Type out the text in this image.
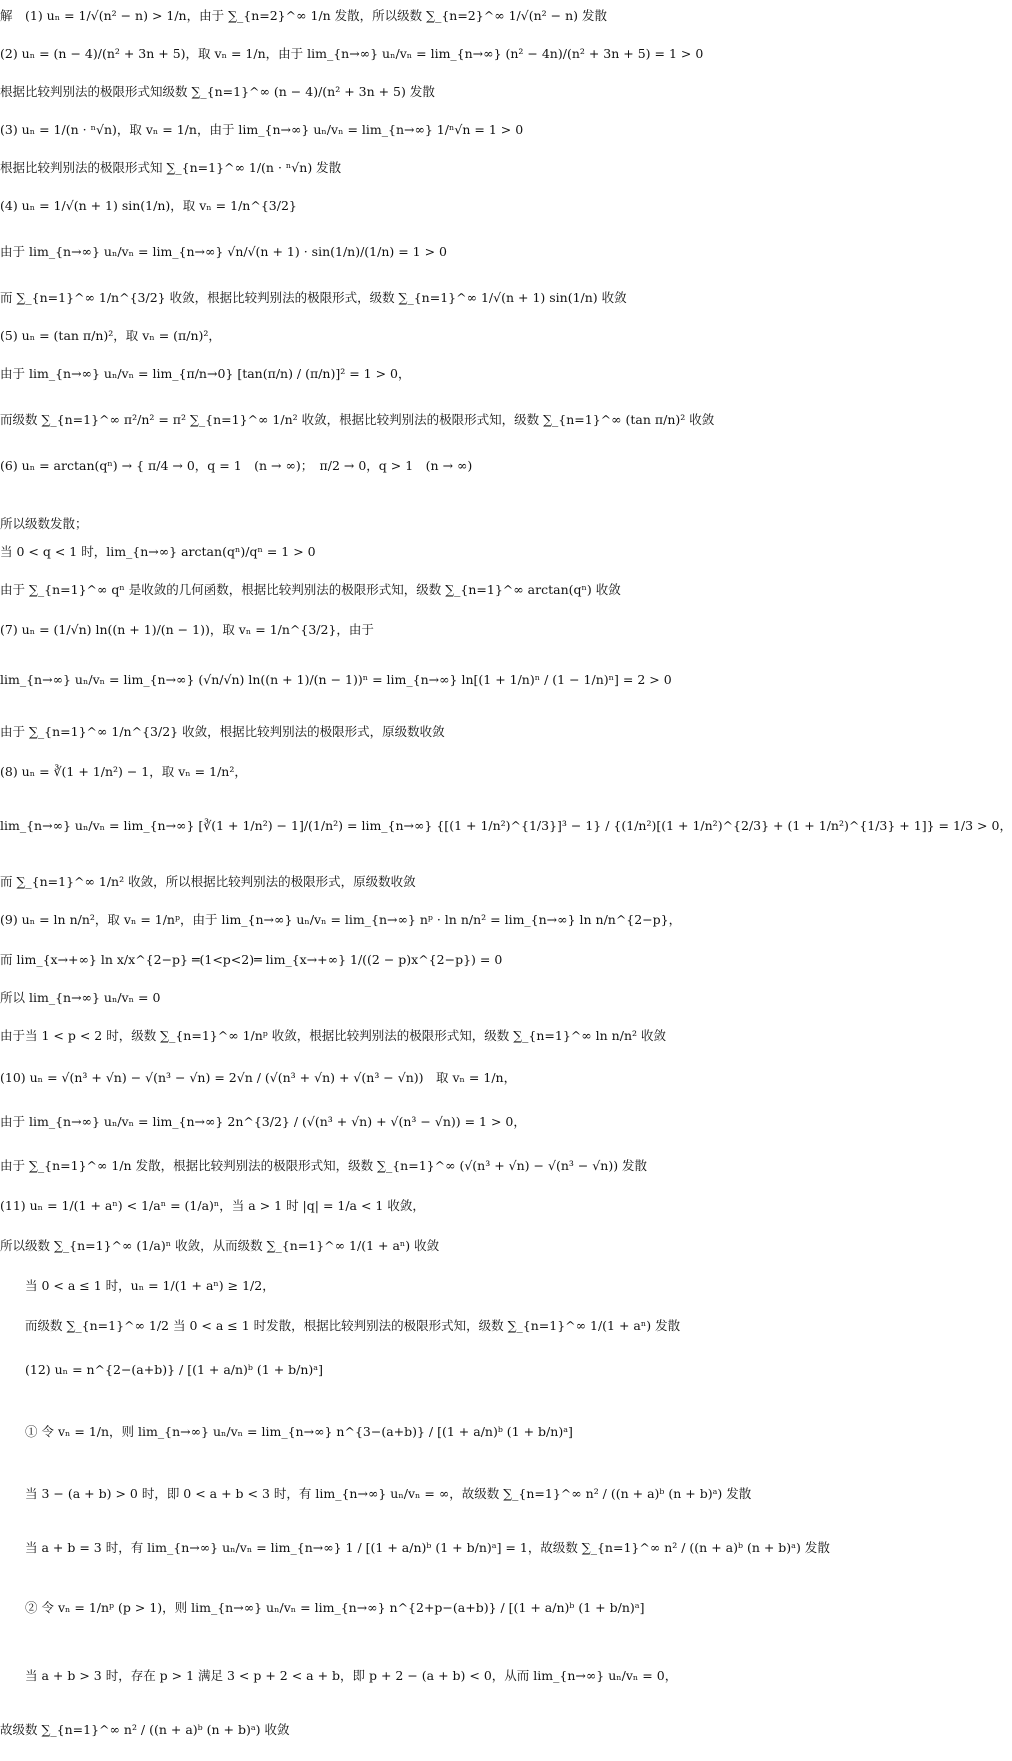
解　(1) uₙ = 1/√(n² − n) > 1/n，由于 ∑_{n=2}^∞ 1/n 发散，所以级数 ∑_{n=2}^∞ 1/√(n² − n) 发散
(2) uₙ = (n − 4)/(n² + 3n + 5)，取 vₙ = 1/n，由于 lim_{n→∞} uₙ/vₙ = lim_{n→∞} (n² − 4n)/(n² + 3n + 5) = 1 > 0
根据比较判别法的极限形式知级数 ∑_{n=1}^∞ (n − 4)/(n² + 3n + 5) 发散
(3) uₙ = 1/(n · ⁿ√n)，取 vₙ = 1/n，由于 lim_{n→∞} uₙ/vₙ = lim_{n→∞} 1/ⁿ√n = 1 > 0
根据比较判别法的极限形式知 ∑_{n=1}^∞ 1/(n · ⁿ√n) 发散
(4) uₙ = 1/√(n + 1) sin(1/n)，取 vₙ = 1/n^{3/2}
由于 lim_{n→∞} uₙ/vₙ = lim_{n→∞} √n/√(n + 1) · sin(1/n)/(1/n) = 1 > 0
而 ∑_{n=1}^∞ 1/n^{3/2} 收敛，根据比较判别法的极限形式，级数 ∑_{n=1}^∞ 1/√(n + 1) sin(1/n) 收敛
(5) uₙ = (tan π/n)²，取 vₙ = (π/n)²，
由于 lim_{n→∞} uₙ/vₙ = lim_{π/n→0} [tan(π/n) / (π/n)]² = 1 > 0，
而级数 ∑_{n=1}^∞ π²/n² = π² ∑_{n=1}^∞ 1/n² 收敛，根据比较判别法的极限形式知，级数 ∑_{n=1}^∞ (tan π/n)² 收敛
(6) uₙ = arctan(qⁿ) → { π/4 → 0，q = 1　(n → ∞)；　π/2 → 0，q > 1　(n → ∞)
所以级数发散；
当 0 < q < 1 时，lim_{n→∞} arctan(qⁿ)/qⁿ = 1 > 0
由于 ∑_{n=1}^∞ qⁿ 是收敛的几何函数，根据比较判别法的极限形式知，级数 ∑_{n=1}^∞ arctan(qⁿ) 收敛
(7) uₙ = (1/√n) ln((n + 1)/(n − 1))，取 vₙ = 1/n^{3/2}，由于
lim_{n→∞} uₙ/vₙ = lim_{n→∞} (√n/√n) ln((n + 1)/(n − 1))ⁿ = lim_{n→∞} ln[(1 + 1/n)ⁿ / (1 − 1/n)ⁿ] = 2 > 0
由于 ∑_{n=1}^∞ 1/n^{3/2} 收敛，根据比较判别法的极限形式，原级数收敛
(8) uₙ = ∛(1 + 1/n²) − 1，取 vₙ = 1/n²，
lim_{n→∞} uₙ/vₙ = lim_{n→∞} [∛(1 + 1/n²) − 1]/(1/n²) = lim_{n→∞} {[(1 + 1/n²)^{1/3}]³ − 1} / {(1/n²)[(1 + 1/n²)^{2/3} + (1 + 1/n²)^{1/3} + 1]} = 1/3 > 0，
而 ∑_{n=1}^∞ 1/n² 收敛，所以根据比较判别法的极限形式，原级数收敛
(9) uₙ = ln n/n²，取 vₙ = 1/nᵖ，由于 lim_{n→∞} uₙ/vₙ = lim_{n→∞} nᵖ · ln n/n² = lim_{n→∞} ln n/n^{2−p}，
而 lim_{x→+∞} ln x/x^{2−p} ═(1<p<2)═ lim_{x→+∞} 1/((2 − p)x^{2−p}) = 0
所以 lim_{n→∞} uₙ/vₙ = 0
由于当 1 < p < 2 时，级数 ∑_{n=1}^∞ 1/nᵖ 收敛，根据比较判别法的极限形式知，级数 ∑_{n=1}^∞ ln n/n² 收敛
(10) uₙ = √(n³ + √n) − √(n³ − √n) = 2√n / (√(n³ + √n) + √(n³ − √n))　取 vₙ = 1/n，
由于 lim_{n→∞} uₙ/vₙ = lim_{n→∞} 2n^{3/2} / (√(n³ + √n) + √(n³ − √n)) = 1 > 0，
由于 ∑_{n=1}^∞ 1/n 发散，根据比较判别法的极限形式知，级数 ∑_{n=1}^∞ (√(n³ + √n) − √(n³ − √n)) 发散
(11) uₙ = 1/(1 + aⁿ) < 1/aⁿ = (1/a)ⁿ，当 a > 1 时 |q| = 1/a < 1 收敛，
所以级数 ∑_{n=1}^∞ (1/a)ⁿ 收敛，从而级数 ∑_{n=1}^∞ 1/(1 + aⁿ) 收敛
　　当 0 < a ≤ 1 时，uₙ = 1/(1 + aⁿ) ≥ 1/2，
　　而级数 ∑_{n=1}^∞ 1/2 当 0 < a ≤ 1 时发散，根据比较判别法的极限形式知，级数 ∑_{n=1}^∞ 1/(1 + aⁿ) 发散
　　(12) uₙ = n^{2−(a+b)} / [(1 + a/n)ᵇ (1 + b/n)ᵃ]
　　① 令 vₙ = 1/n，则 lim_{n→∞} uₙ/vₙ = lim_{n→∞} n^{3−(a+b)} / [(1 + a/n)ᵇ (1 + b/n)ᵃ]
　　当 3 − (a + b) > 0 时，即 0 < a + b < 3 时，有 lim_{n→∞} uₙ/vₙ = ∞，故级数 ∑_{n=1}^∞ n² / ((n + a)ᵇ (n + b)ᵃ) 发散
　　当 a + b = 3 时，有 lim_{n→∞} uₙ/vₙ = lim_{n→∞} 1 / [(1 + a/n)ᵇ (1 + b/n)ᵃ] = 1，故级数 ∑_{n=1}^∞ n² / ((n + a)ᵇ (n + b)ᵃ) 发散
　　② 令 vₙ = 1/nᵖ (p > 1)，则 lim_{n→∞} uₙ/vₙ = lim_{n→∞} n^{2+p−(a+b)} / [(1 + a/n)ᵇ (1 + b/n)ᵃ]
　　当 a + b > 3 时，存在 p > 1 满足 3 < p + 2 < a + b，即 p + 2 − (a + b) < 0，从而 lim_{n→∞} uₙ/vₙ = 0，
故级数 ∑_{n=1}^∞ n² / ((n + a)ᵇ (n + b)ᵃ) 收敛
